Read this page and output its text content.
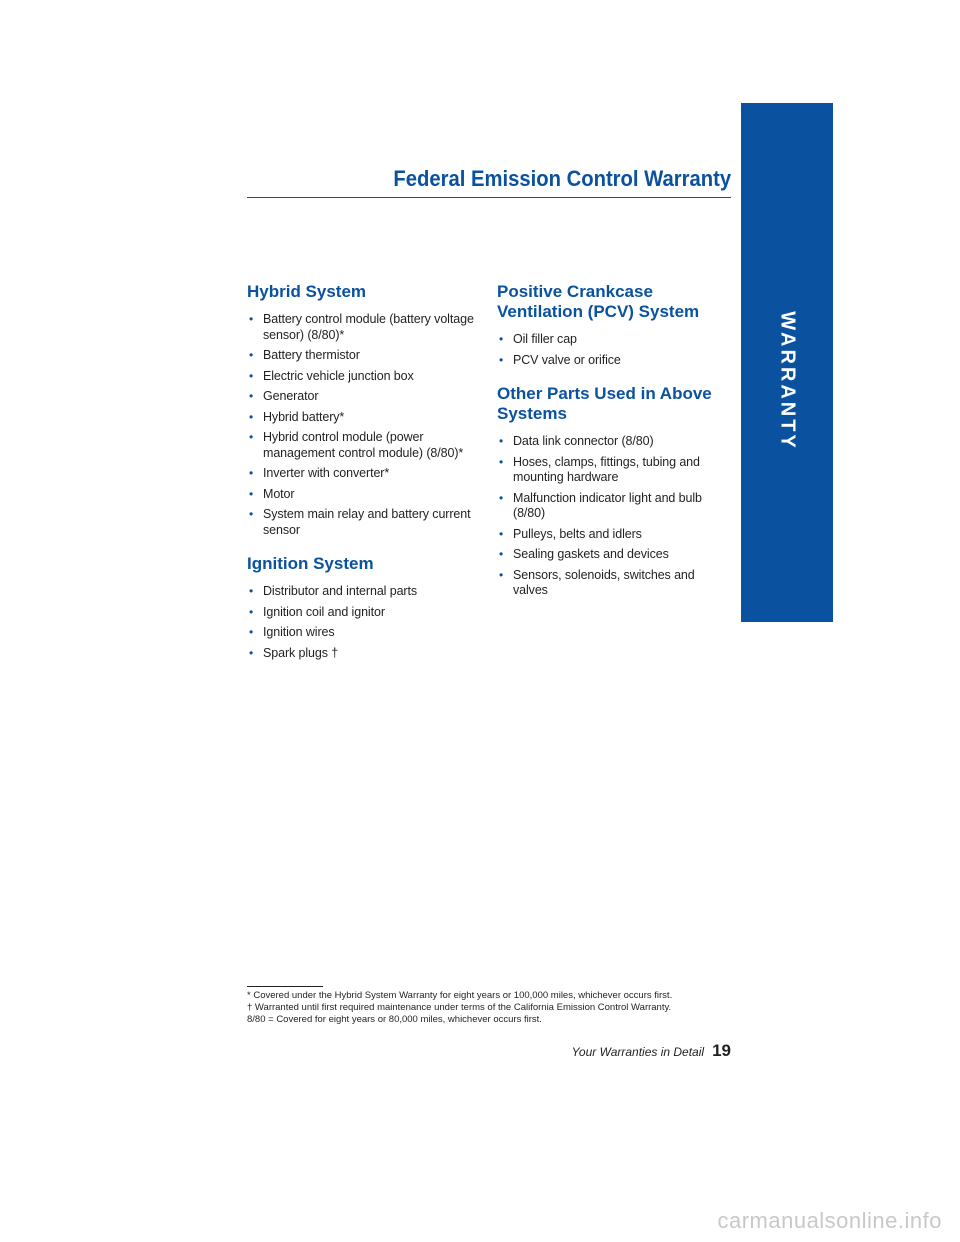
WARRANTY
Federal Emission Control Warranty
Hybrid System
• Battery control module (battery voltage sensor) (8/80)*
• Battery thermistor
• Electric vehicle junction box
• Generator
• Hybrid battery*
• Hybrid control module (power management control module) (8/80)*
• Inverter with converter*
• Motor
• System main relay and battery current sensor
Ignition System
• Distributor and internal parts
• Ignition coil and ignitor
• Ignition wires
• Spark plugs †
Positive Crankcase Ventilation (PCV) System
• Oil filler cap
• PCV valve or orifice
Other Parts Used in Above Systems
• Data link connector (8/80)
• Hoses, clamps, fittings, tubing and mounting hardware
• Malfunction indicator light and bulb (8/80)
• Pulleys, belts and idlers
• Sealing gaskets and devices
• Sensors, solenoids, switches and valves

* Covered under the Hybrid System Warranty for eight years or 100,000 miles, whichever occurs first.

† Warranted until first required maintenance under terms of the California Emission Control Warranty.

8/80 = Covered for eight years or 80,000 miles, whichever occurs first.

Your Warranties in Detail 19
carmanualsonline.info
